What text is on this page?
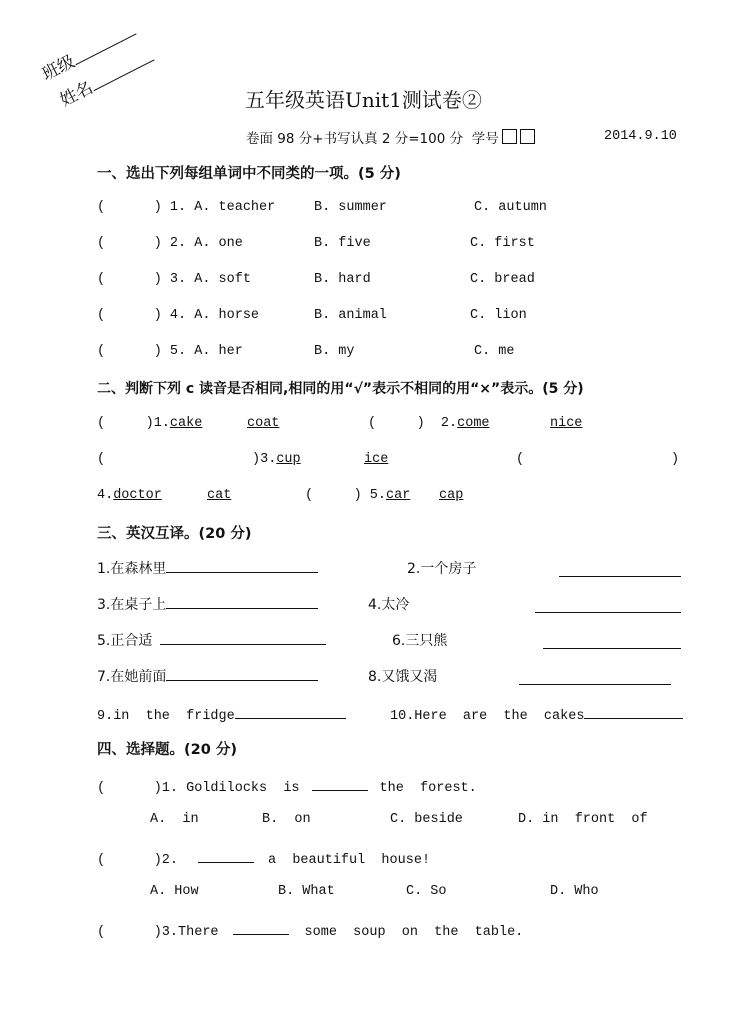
班级
姓名	五年级英语Unit1测试卷②
卷面 98 分+书写认真 2 分=100 分  学号	2014.9.10
一、选出下列每组单词中不同类的一项。(5 分)
(      ) 1. A. teacher	B. summer	C. autumn
(      ) 2. A. one	B. five	C. first
(      ) 3. A. soft	B. hard	C. bread
(      ) 4. A. horse	B. animal	C. lion
(      ) 5. A. her	B. my	C. me
二、判断下列 c 读音是否相同,相同的用“√”表示不相同的用“×”表示。(5 分)
(     )1.cake	coat	(     )  2.come	nice
(	)3.cup	ice	(	)
4.doctor	cat	(     ) 5.car cap
三、英汉互译。(20 分)
1.在森林里	2.一个房子
3.在桌子上	4.太冷
5.正合适	6.三只熊
7.在她前面	8.又饿又渴
9.in  the  fridge	10.Here  are  the  cakes
四、选择题。(20 分)
(      )1. Goldilocks  is	the  forest.
A.  in	B.  on	C. beside	D. in  front  of
(      )2.	a  beautiful  house!
A. How	B. What	C. So	D. Who
(      )3.There	some  soup  on  the  table.
